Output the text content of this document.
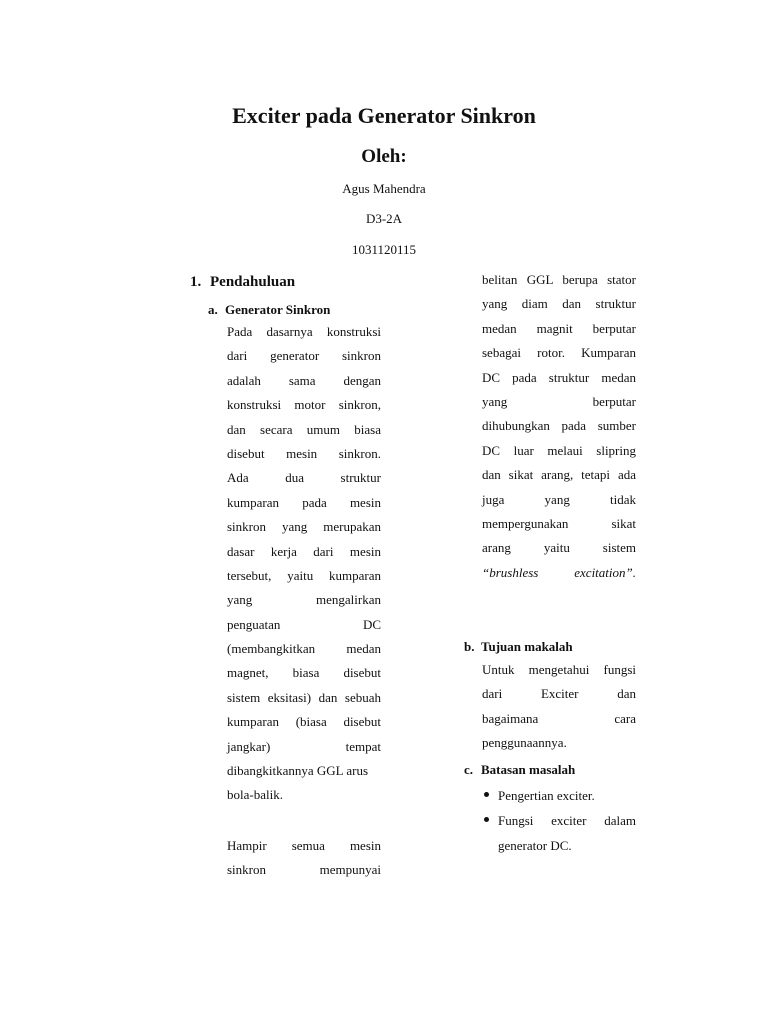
Exciter pada Generator Sinkron
Oleh:
Agus Mahendra
D3-2A
1031120115
1. Pendahuluan
a. Generator Sinkron
Pada dasarnya konstruksi
dari generator sinkron
adalah sama dengan
konstruksi motor sinkron,
dan secara umum biasa
disebut mesin sinkron.
Ada dua struktur
kumparan pada mesin
sinkron yang merupakan
dasar kerja dari mesin
tersebut, yaitu kumparan
yang mengalirkan
penguatan DC
(membangkitkan medan
magnet, biasa disebut
sistem eksitasi) dan sebuah
kumparan (biasa disebut
jangkar) tempat
dibangkitkannya GGL arus
bola-balik.
Hampir semua mesin
sinkron mempunyai
belitan GGL berupa stator
yang diam dan struktur
medan magnit berputar
sebagai rotor. Kumparan
DC pada struktur medan
yang berputar
dihubungkan pada sumber
DC luar melaui slipring
dan sikat arang, tetapi ada
juga yang tidak
mempergunakan sikat
arang yaitu sistem
“brushless excitation”.
b. Tujuan makalah
Untuk mengetahui fungsi
dari Exciter dan
bagaimana cara
penggunaannya.
c. Batasan masalah
Pengertian exciter.
Fungsi exciter dalam
generator DC.
